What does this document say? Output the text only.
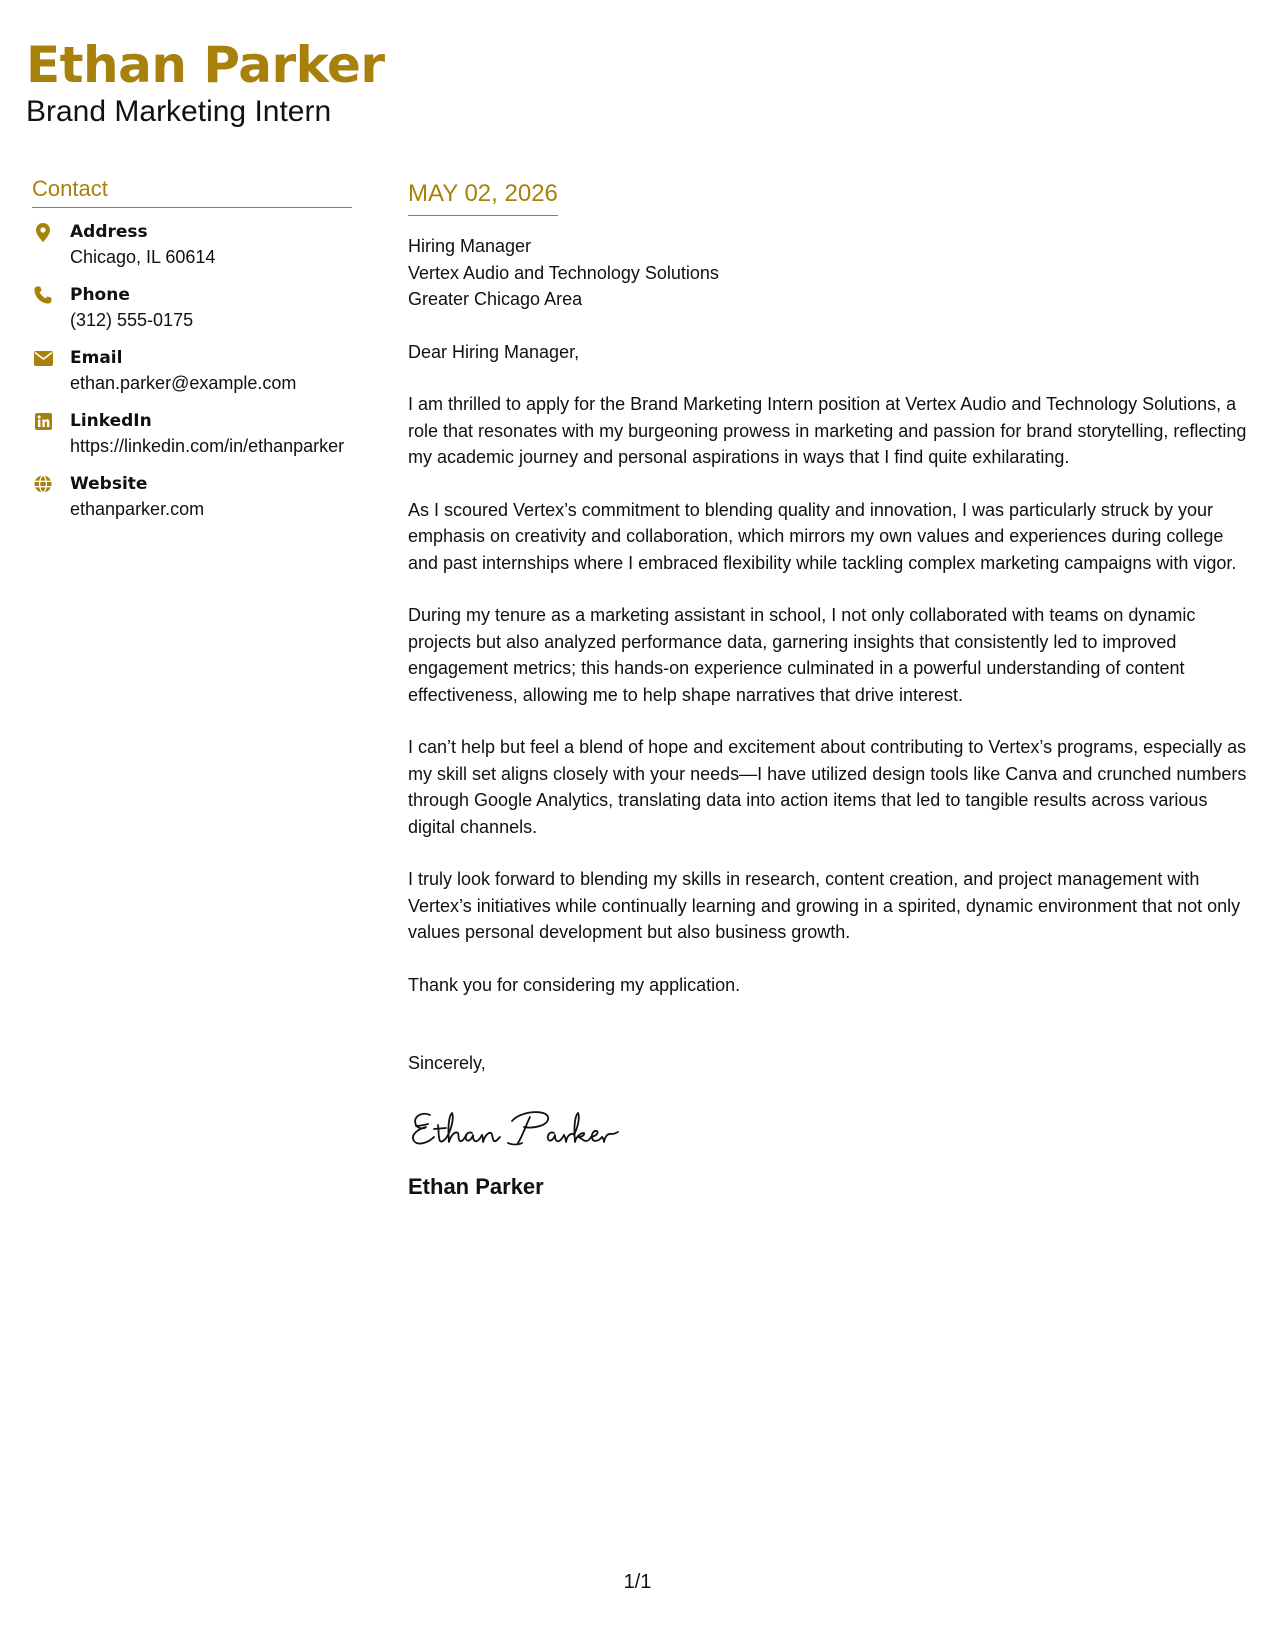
Ethan Parker
Brand Marketing Intern
Contact
Address
Chicago, IL 60614
Phone
(312) 555-0175
Email
ethan.parker@example.com
LinkedIn
https://linkedin.com/in/ethanparker
Website
ethanparker.com
MAY 02, 2026
Hiring Manager
Vertex Audio and Technology Solutions
Greater Chicago Area
Dear Hiring Manager,

I am thrilled to apply for the Brand Marketing Intern position at Vertex Audio and Technology Solutions, a role that resonates with my burgeoning prowess in marketing and passion for brand storytelling, reflecting my academic journey and personal aspirations in ways that I find quite exhilarating.

As I scoured Vertex’s commitment to blending quality and innovation, I was particularly struck by your emphasis on creativity and collaboration, which mirrors my own values and experiences during college and past internships where I embraced flexibility while tackling complex marketing campaigns with vigor.

During my tenure as a marketing assistant in school, I not only collaborated with teams on dynamic projects but also analyzed performance data, garnering insights that consistently led to improved engagement metrics; this hands-on experience culminated in a powerful understanding of content effectiveness, allowing me to help shape narratives that drive interest.

I can’t help but feel a blend of hope and excitement about contributing to Vertex’s programs, especially as my skill set aligns closely with your needs—I have utilized design tools like Canva and crunched numbers through Google Analytics, translating data into action items that led to tangible results across various digital channels.

I truly look forward to blending my skills in research, content creation, and project management with Vertex’s initiatives while continually learning and growing in a spirited, dynamic environment that not only values personal development but also business growth.

Thank you for considering my application.

Sincerely,
Ethan Parker
1/1
